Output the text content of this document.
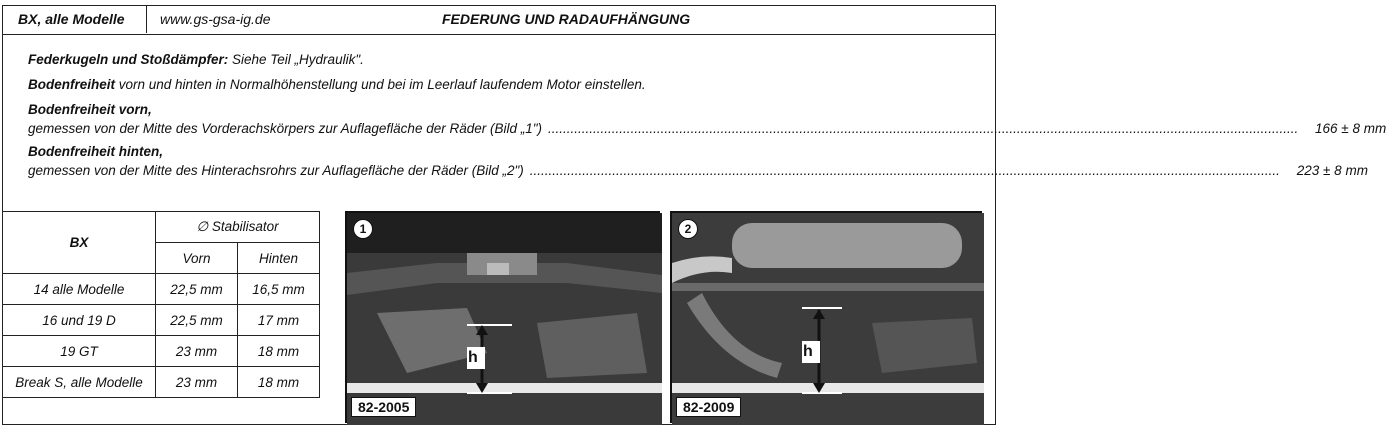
BX, alle Modelle	www.gs-gsa-ig.de	FEDERUNG UND RADAUFHÄNGUNG
Federkugeln und Stoßdämpfer: Siehe Teil „Hydraulik".
Bodenfreiheit vorn und hinten in Normalhöhenstellung und bei im Leerlauf laufendem Motor einstellen.
Bodenfreiheit vorn,
gemessen von der Mitte des Vorderachskörpers zur Auflagefläche der Räder (Bild „1") ........................................................................................................................................................................................................	166 ± 8 mm
Bodenfreiheit hinten,
gemessen von der Mitte des Hinterachsrohrs zur Auflagefläche der Räder (Bild „2") ........................................................................................................................................................................................................	223 ± 8 mm
BX	∅ Stabilisator	
	Vorn	Hinten
14 alle Modelle	22,5 mm	16,5 mm
16 und 19 D	22,5 mm	17 mm
19 GT	23 mm	18 mm
Break S, alle Modelle	23 mm	18 mm
1
h
82-2005
2
h
82-2009
